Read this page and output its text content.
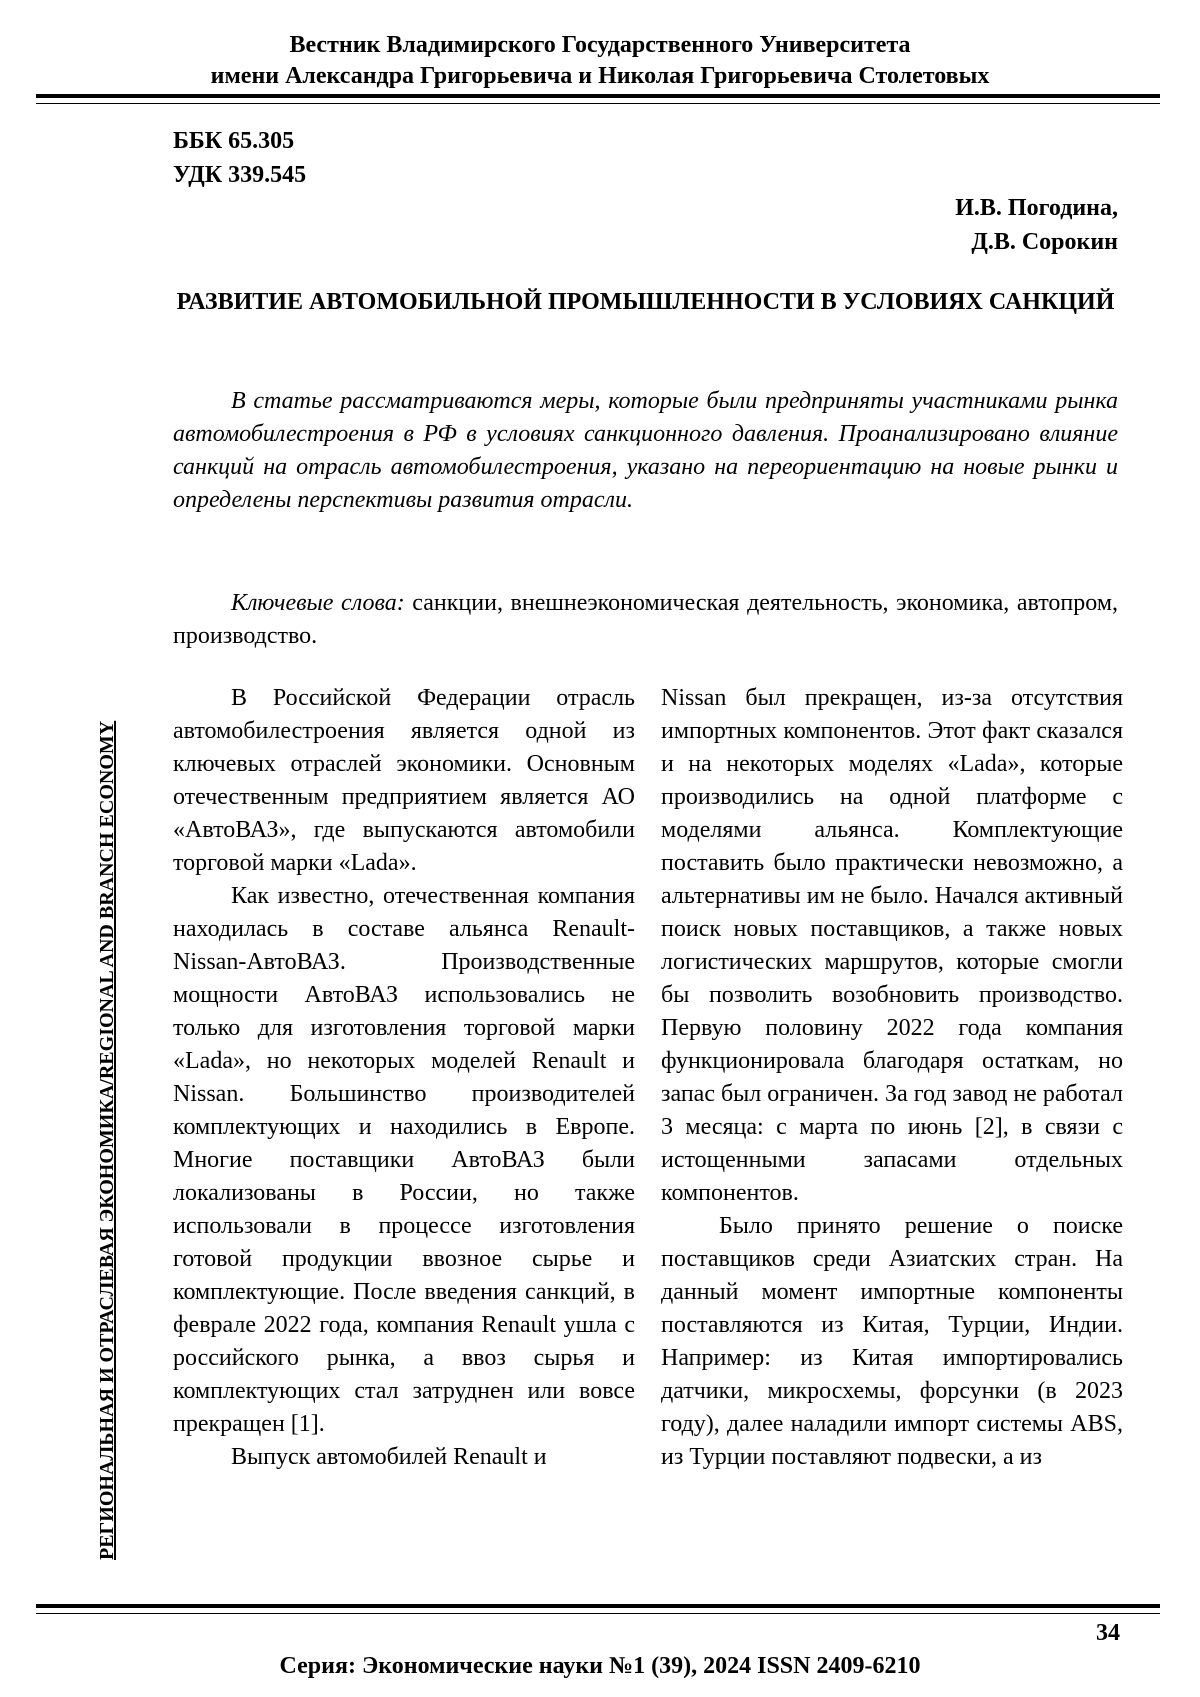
Вестник Владимирского Государственного Университета
имени Александра Григорьевича и Николая Григорьевича Столетовых
ББК 65.305
УДК 339.545
И.В. Погодина,
Д.В. Сорокин
РАЗВИТИЕ АВТОМОБИЛЬНОЙ ПРОМЫШЛЕННОСТИ В УСЛОВИЯХ САНКЦИЙ
В статье рассматриваются меры, которые были предприняты участниками рынка автомобилестроения в РФ в условиях санкционного давления. Проанализировано влияние санкций на отрасль автомобилестроения, указано на переориентацию на новые рынки и определены перспективы развития отрасли.
Ключевые слова: санкции, внешнеэкономическая деятельность, экономика, автопром, производство.

В Российской Федерации отрасль автомобилестроения является одной из ключевых отраслей экономики. Основным отечественным предприятием является АО «АвтоВАЗ», где выпускаются автомобили торговой марки «Lada».

Как известно, отечественная компания находилась в составе альянса Renault-Nissan-АвтоВАЗ. Производственные мощности АвтоВАЗ использовались не только для изготовления торговой марки «Lada», но некоторых моделей Renault и Nissan. Большинство производителей комплектующих и находились в Европе. Многие поставщики АвтоВАЗ были локализованы в России, но также использовали в процессе изготовления готовой продукции ввозное сырье и комплектующие. После введения санкций, в феврале 2022 года, компания Renault ушла с российского рынка, а ввоз сырья и комплектующих стал затруднен или вовсе прекращен [1].

Выпуск автомобилей Renault и

Nissan был прекращен, из-за отсутствия импортных компонентов. Этот факт сказался и на некоторых моделях «Lada», которые производились на одной платформе с моделями альянса. Комплектующие поставить было практически невозможно, а альтернативы им не было. Начался активный поиск новых поставщиков, а также новых логистических маршрутов, которые смогли бы позволить возобновить производство. Первую половину 2022 года компания функционировала благодаря остаткам, но запас был ограничен. За год завод не работал 3 месяца: с марта по июнь [2], в связи с истощенными запасами отдельных компонентов.

Было принято решение о поиске поставщиков среди Азиатских стран. На данный момент импортные компоненты поставляются из Китая, Турции, Индии. Например: из Китая импортировались датчики, микросхемы, форсунки (в 2023 году), далее наладили импорт системы ABS, из Турции поставляют подвески, а из

РЕГИОНАЛЬНАЯ И ОТРАСЛЕВАЯ ЭКОНОМИКА/REGIONAL AND BRANCH ECONOMY
34
Серия: Экономические науки №1 (39), 2024 ISSN 2409-6210
